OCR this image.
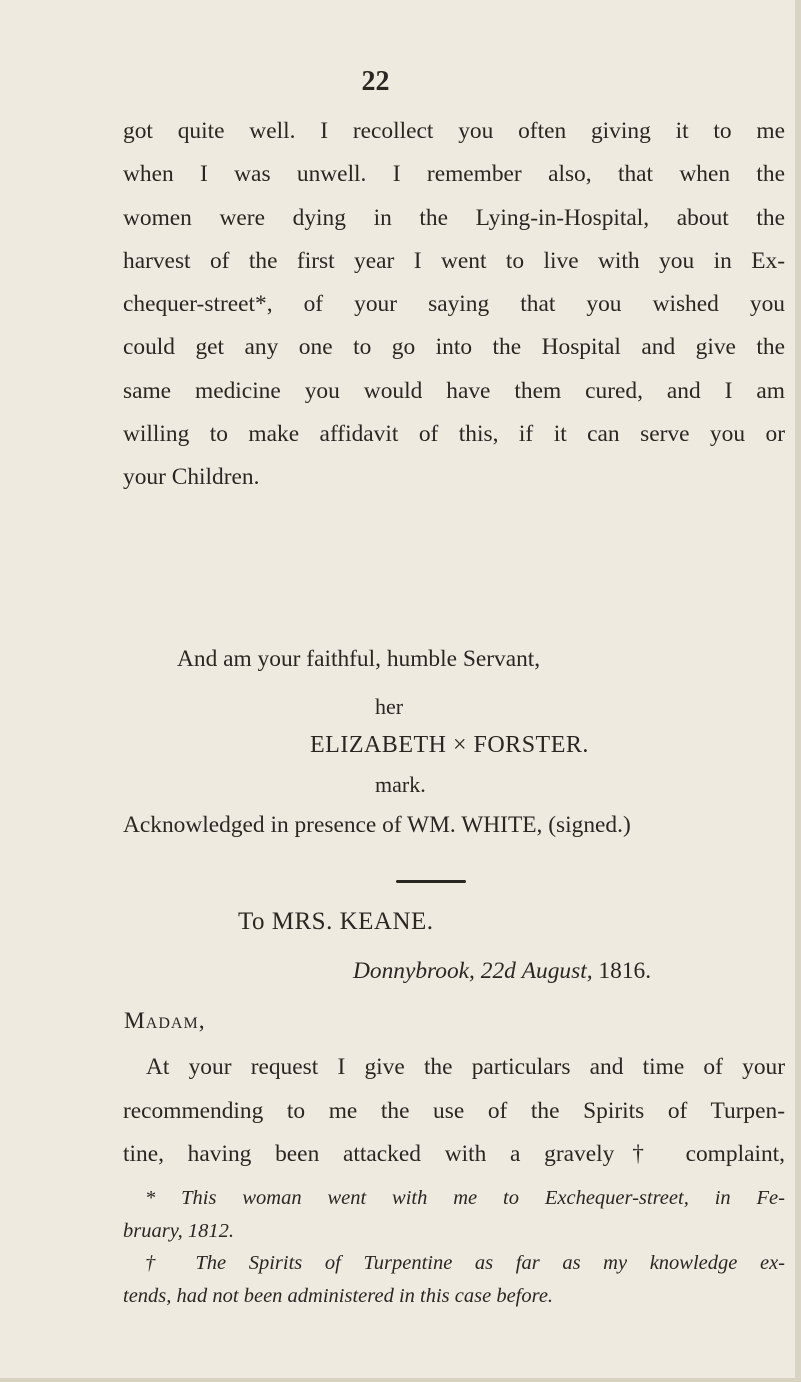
22
got quite well. I recollect you often giving it to me
when I was unwell. I remember also, that when the
women were dying in the Lying-in-Hospital, about the
harvest of the first year I went to live with you in Ex-
chequer-street*, of your saying that you wished you
could get any one to go into the Hospital and give the
same medicine you would have them cured, and I am
willing to make affidavit of this, if it can serve you or
your Children.
And am your faithful, humble Servant,
her
ELIZABETH × FORSTER.
mark.
Acknowledged in presence of WM. WHITE, (signed.)
To MRS. KEANE.
Donnybrook, 22d August, 1816.
Madam,
At your request I give the particulars and time of your
recommending to me the use of the Spirits of Turpen-
tine, having been attacked with a gravely† complaint,
* This woman went with me to Exchequer-street, in Fe-
bruary, 1812.
† The Spirits of Turpentine as far as my knowledge ex-
tends, had not been administered in this case before.
